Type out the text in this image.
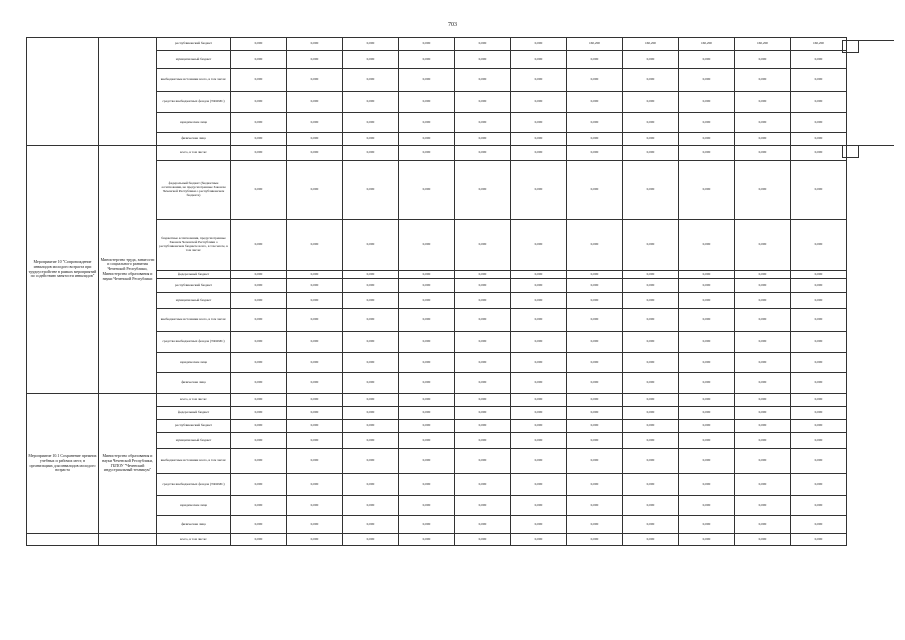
703
		республиканский бюджет	0,000	0,000	0,000	0,000	0,000	0,000	160,200	160,200	160,200	160,200	160,200
		муниципальный бюджет	0,000	0,000	0,000	0,000	0,000	0,000	0,000	0,000	0,000	0,000	0,000
		внебюджетные источники всего, в том числе:	0,000	0,000	0,000	0,000	0,000	0,000	0,000	0,000	0,000	0,000	0,000
		средства внебюджетных фондов (ТФОМС)	0,000	0,000	0,000	0,000	0,000	0,000	0,000	0,000	0,000	0,000	0,000
		юридические лица	0,000	0,000	0,000	0,000	0,000	0,000	0,000	0,000	0,000	0,000	0,000
		физические лица	0,000	0,000	0,000	0,000	0,000	0,000	0,000	0,000	0,000	0,000	0,000
Мероприятие 10 "Сопровождение инвалидов молодого возраста при трудоустройстве в рамках мероприятий по содействию занятости инвалидов"	Министерство труда, занятости и социального развития Чеченской Республики, Министерство образования и науки Чеченской Республики	всего, в том числе:	0,000	0,000	0,000	0,000	0,000	0,000	0,000	0,000	0,000	0,000	0,000
		федеральный бюджет (бюджетные ассигнования, не предусмотренные Законом Чеченской Республики о республиканском бюджете)	0,000	0,000	0,000	0,000	0,000	0,000	0,000	0,000	0,000	0,000	0,000
		бюджетные ассигнования, предусмотренные Законом Чеченской Республики о республиканском бюджете всего, в том числе, в том числе:	0,000	0,000	0,000	0,000	0,000	0,000	0,000	0,000	0,000	0,000	0,000
		федеральный бюджет	0,000	0,000	0,000	0,000	0,000	0,000	0,000	0,000	0,000	0,000	0,000
		республиканский бюджет	0,000	0,000	0,000	0,000	0,000	0,000	0,000	0,000	0,000	0,000	0,000
		муниципальный бюджет	0,000	0,000	0,000	0,000	0,000	0,000	0,000	0,000	0,000	0,000	0,000
		внебюджетные источники всего, в том числе:	0,000	0,000	0,000	0,000	0,000	0,000	0,000	0,000	0,000	0,000	0,000
		средства внебюджетных фондов (ТФОМС)	0,000	0,000	0,000	0,000	0,000	0,000	0,000	0,000	0,000	0,000	0,000
		юридические лица	0,000	0,000	0,000	0,000	0,000	0,000	0,000	0,000	0,000	0,000	0,000
		физические лица	0,000	0,000	0,000	0,000	0,000	0,000	0,000	0,000	0,000	0,000	0,000
Мероприятие 10.1 Сохранение прежних учебных и рабочих мест, в организациях для инвалидов молодого возраста	Министерство образования и науки Чеченской Республики, ГБПОУ "Чеченский индустриальный техникум"	всего, в том числе:	0,000	0,000	0,000	0,000	0,000	0,000	0,000	0,000	0,000	0,000	0,000
		федеральный бюджет	0,000	0,000	0,000	0,000	0,000	0,000	0,000	0,000	0,000	0,000	0,000
		республиканский бюджет	0,000	0,000	0,000	0,000	0,000	0,000	0,000	0,000	0,000	0,000	0,000
		муниципальный бюджет	0,000	0,000	0,000	0,000	0,000	0,000	0,000	0,000	0,000	0,000	0,000
		внебюджетные источники всего, в том числе:	0,000	0,000	0,000	0,000	0,000	0,000	0,000	0,000	0,000	0,000	0,000
		средства внебюджетных фондов (ТФОМС)	0,000	0,000	0,000	0,000	0,000	0,000	0,000	0,000	0,000	0,000	0,000
		юридические лица	0,000	0,000	0,000	0,000	0,000	0,000	0,000	0,000	0,000	0,000	0,000
		физические лица	0,000	0,000	0,000	0,000	0,000	0,000	0,000	0,000	0,000	0,000	0,000
		всего, в том числе:	0,000	0,000	0,000	0,000	0,000	0,000	0,000	0,000	0,000	0,000	0,000
